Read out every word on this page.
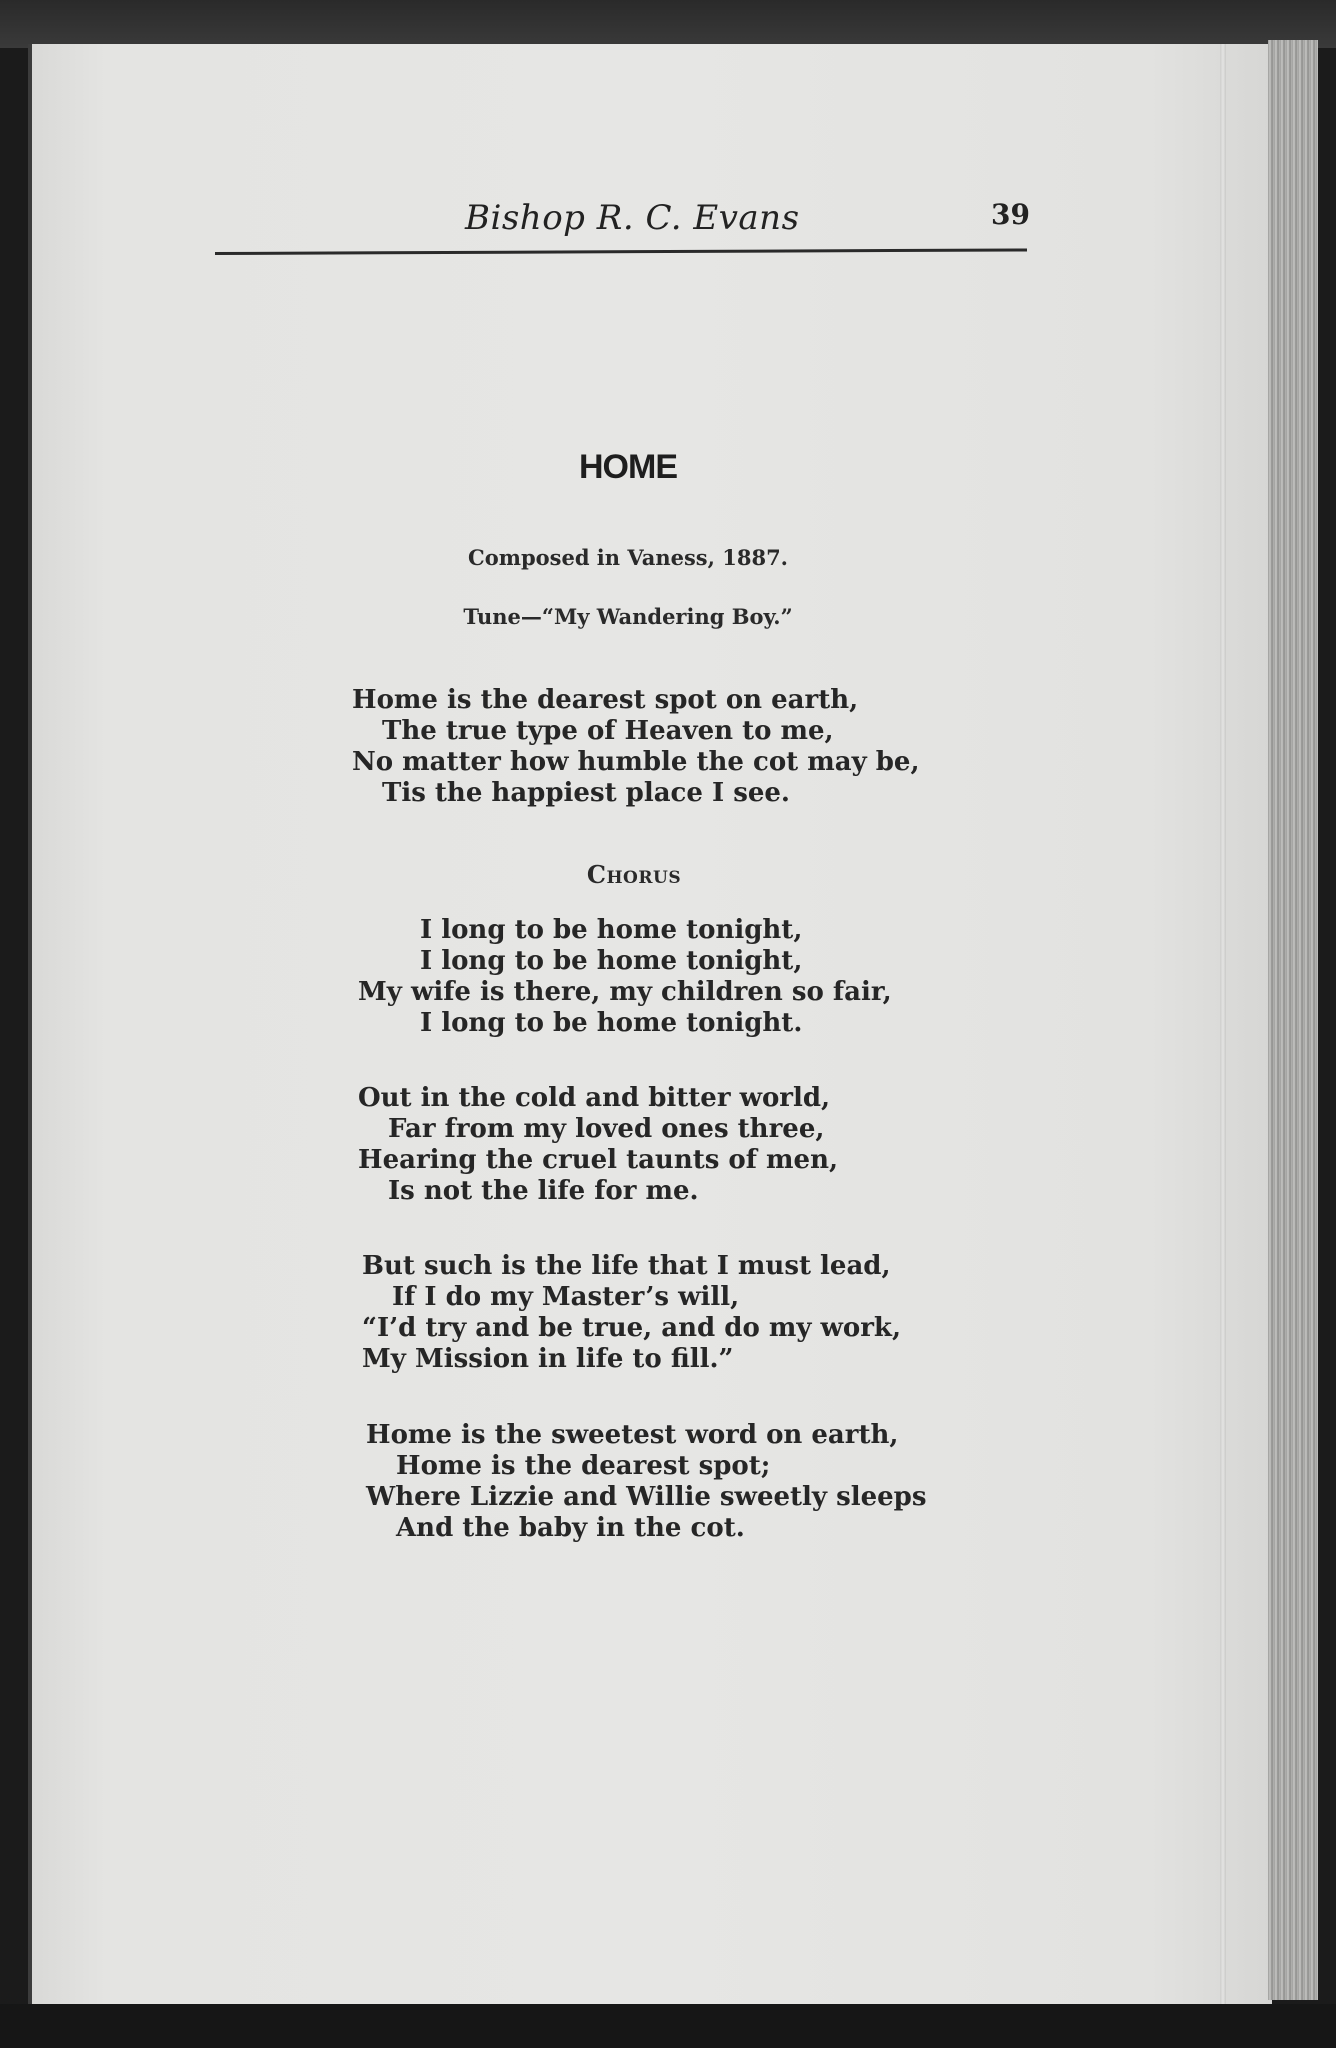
Bishop R. C. Evans	39
HOME
Composed in Vaness, 1887.
Tune—“My Wandering Boy.”
Home is the dearest spot on earth,
The true type of Heaven to me,
No matter how humble the cot may be,
Tis the happiest place I see.
Chorus
I long to be home tonight,
I long to be home tonight,
My wife is there, my children so fair,
I long to be home tonight.
Out in the cold and bitter world,
Far from my loved ones three,
Hearing the cruel taunts of men,
Is not the life for me.
But such is the life that I must lead,
If I do my Master’s will,
“I’d try and be true, and do my work,
My Mission in life to fill.”
Home is the sweetest word on earth,
Home is the dearest spot;
Where Lizzie and Willie sweetly sleeps
And the baby in the cot.
